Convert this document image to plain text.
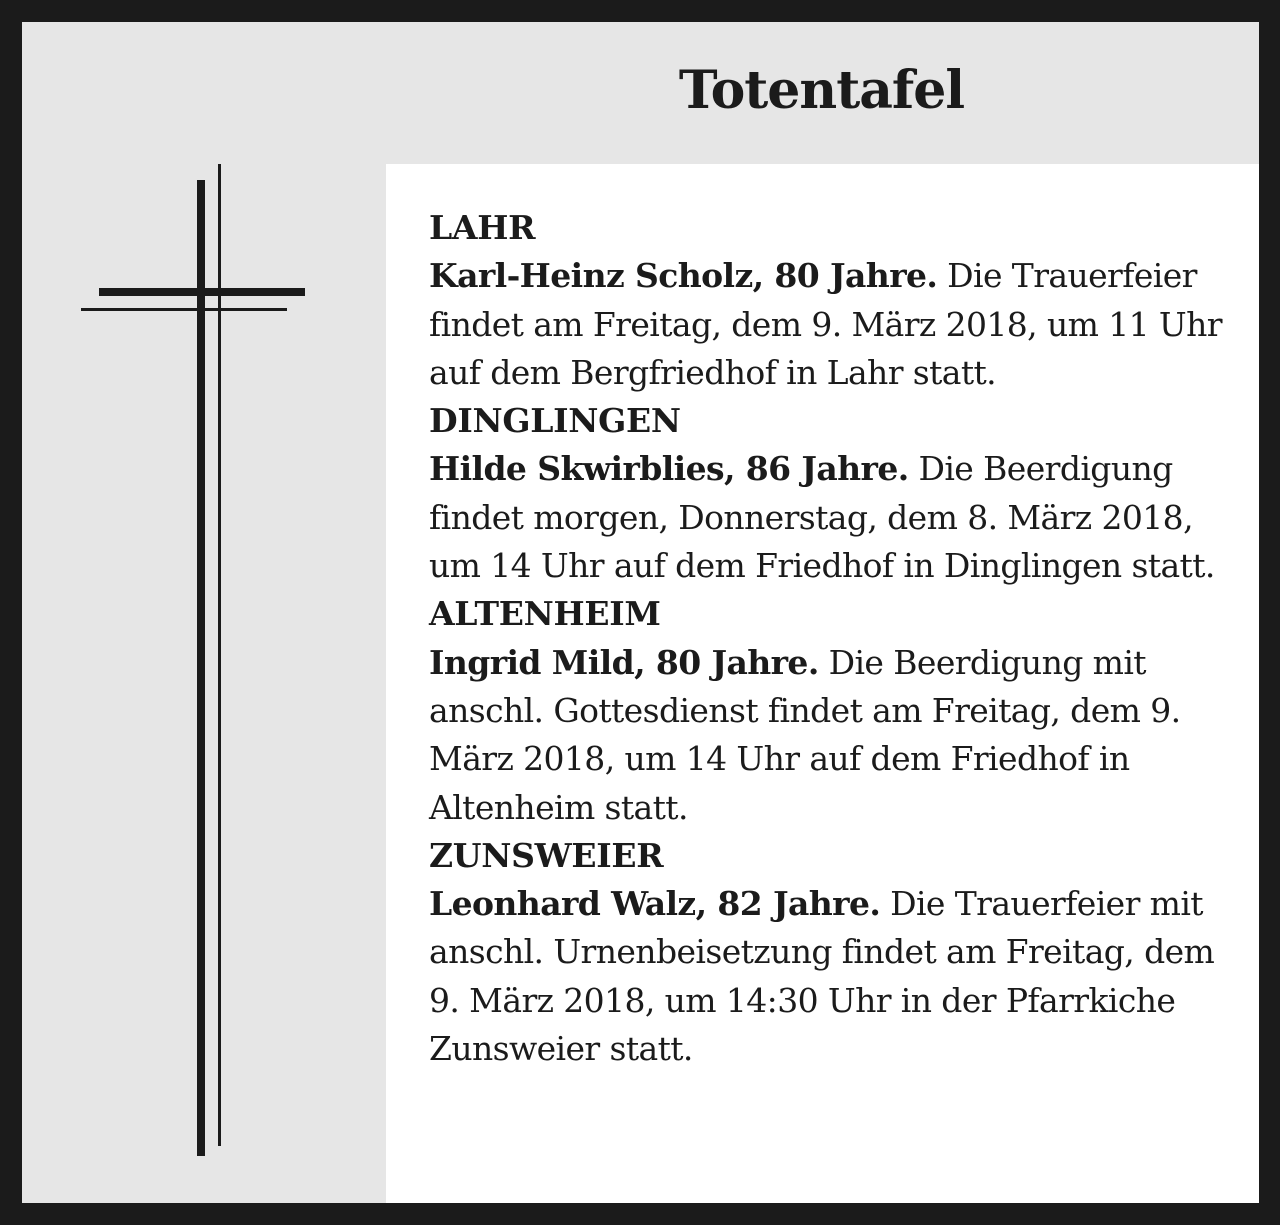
Totentafel
LAHR
Karl-Heinz Scholz, 80 Jahre. Die Trauerfeier findet am Freitag, dem 9. März 2018, um 11 Uhr auf dem Bergfriedhof in Lahr statt.
DINGLINGEN
Hilde Skwirblies, 86 Jahre. Die Beerdigung findet morgen, Donnerstag, dem 8. März 2018, um 14 Uhr auf dem Friedhof in Dinglingen statt.
ALTENHEIM
Ingrid Mild, 80 Jahre. Die Beerdigung mit anschl. Gottesdienst findet am Freitag, dem 9. März 2018, um 14 Uhr auf dem Friedhof in Altenheim statt.
ZUNSWEIER
Leonhard Walz, 82 Jahre. Die Trauerfeier mit anschl. Urnenbeisetzung findet am Freitag, dem 9. März 2018, um 14:30 Uhr in der Pfarrkiche Zunsweier statt.
